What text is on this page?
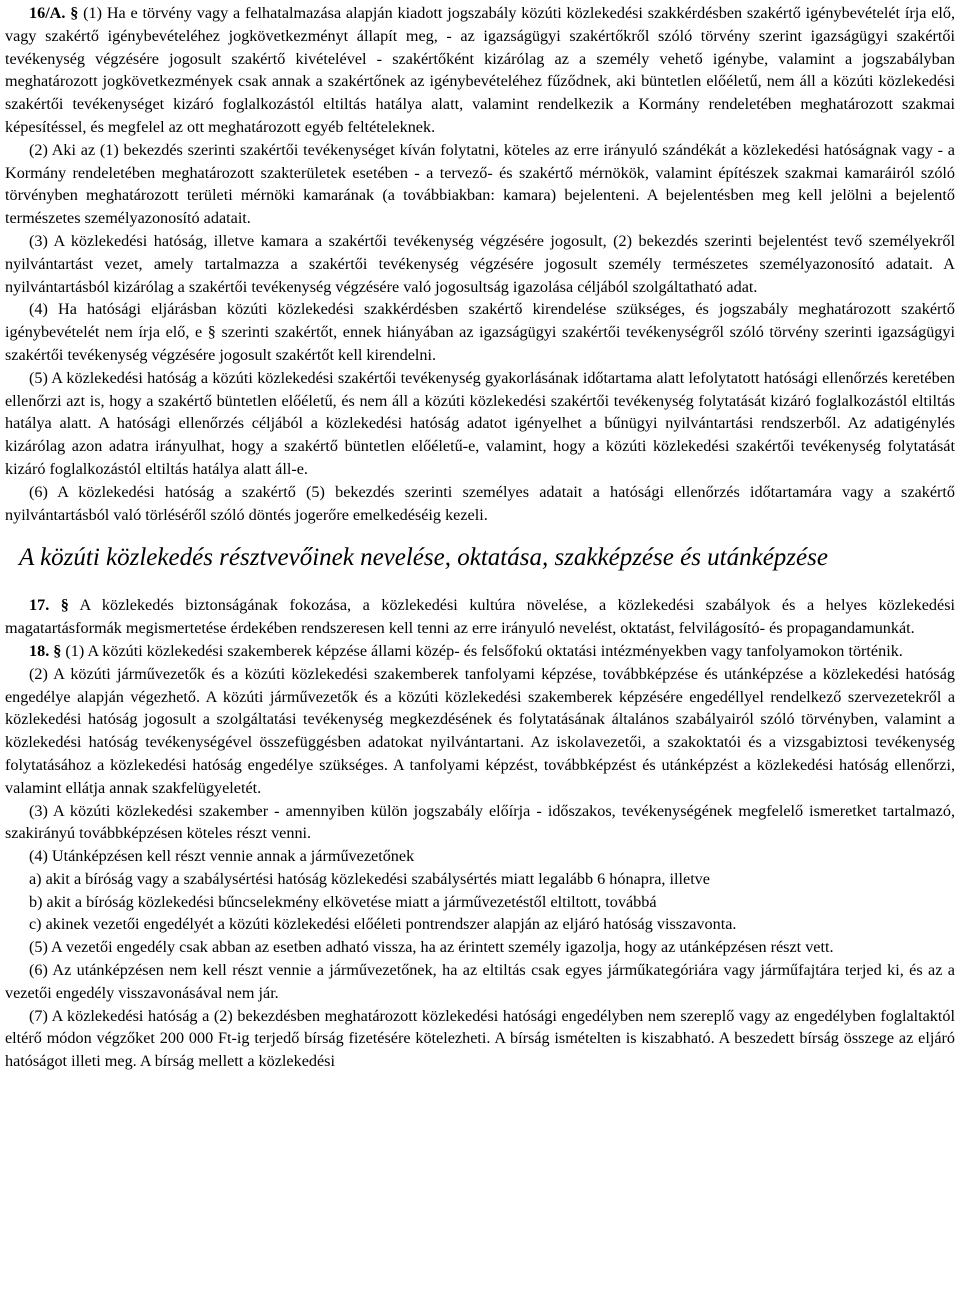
16/A. § (1) Ha e törvény vagy a felhatalmazása alapján kiadott jogszabály közúti közlekedési szakkérdésben szakértő igénybevételét írja elő, vagy szakértő igénybevételéhez jogkövetkezményt állapít meg, - az igazságügyi szakértőkről szóló törvény szerint igazságügyi szakértői tevékenység végzésére jogosult szakértő kivételével - szakértőként kizárólag az a személy vehető igénybe, valamint a jogszabályban meghatározott jogkövetkezmények csak annak a szakértőnek az igénybevételéhez fűződnek, aki büntetlen előéletű, nem áll a közúti közlekedési szakértői tevékenységet kizáró foglalkozástól eltiltás hatálya alatt, valamint rendelkezik a Kormány rendeletében meghatározott szakmai képesítéssel, és megfelel az ott meghatározott egyéb feltételeknek.

(2) Aki az (1) bekezdés szerinti szakértői tevékenységet kíván folytatni, köteles az erre irányuló szándékát a közlekedési hatóságnak vagy - a Kormány rendeletében meghatározott szakterületek esetében - a tervező- és szakértő mérnökök, valamint építészek szakmai kamaráiról szóló törvényben meghatározott területi mérnöki kamarának (a továbbiakban: kamara) bejelenteni. A bejelentésben meg kell jelölni a bejelentő természetes személyazonosító adatait.

(3) A közlekedési hatóság, illetve kamara a szakértői tevékenység végzésére jogosult, (2) bekezdés szerinti bejelentést tevő személyekről nyilvántartást vezet, amely tartalmazza a szakértői tevékenység végzésére jogosult személy természetes személyazonosító adatait. A nyilvántartásból kizárólag a szakértői tevékenység végzésére való jogosultság igazolása céljából szolgáltatható adat.

(4) Ha hatósági eljárásban közúti közlekedési szakkérdésben szakértő kirendelése szükséges, és jogszabály meghatározott szakértő igénybevételét nem írja elő, e § szerinti szakértőt, ennek hiányában az igazságügyi szakértői tevékenységről szóló törvény szerinti igazságügyi szakértői tevékenység végzésére jogosult szakértőt kell kirendelni.

(5) A közlekedési hatóság a közúti közlekedési szakértői tevékenység gyakorlásának időtartama alatt lefolytatott hatósági ellenőrzés keretében ellenőrzi azt is, hogy a szakértő büntetlen előéletű, és nem áll a közúti közlekedési szakértői tevékenység folytatását kizáró foglalkozástól eltiltás hatálya alatt. A hatósági ellenőrzés céljából a közlekedési hatóság adatot igényelhet a bűnügyi nyilvántartási rendszerből. Az adatigénylés kizárólag azon adatra irányulhat, hogy a szakértő büntetlen előéletű-e, valamint, hogy a közúti közlekedési szakértői tevékenység folytatását kizáró foglalkozástól eltiltás hatálya alatt áll-e.

(6) A közlekedési hatóság a szakértő (5) bekezdés szerinti személyes adatait a hatósági ellenőrzés időtartamára vagy a szakértő nyilvántartásból való törléséről szóló döntés jogerőre emelkedéséig kezeli.

A közúti közlekedés résztvevőinek nevelése, oktatása, szakképzése és utánképzése

17. § A közlekedés biztonságának fokozása, a közlekedési kultúra növelése, a közlekedési szabályok és a helyes közlekedési magatartásformák megismertetése érdekében rendszeresen kell tenni az erre irányuló nevelést, oktatást, felvilágosító- és propagandamunkát.

18. § (1) A közúti közlekedési szakemberek képzése állami közép- és felsőfokú oktatási intézményekben vagy tanfolyamokon történik.

(2) A közúti járművezetők és a közúti közlekedési szakemberek tanfolyami képzése, továbbképzése és utánképzése a közlekedési hatóság engedélye alapján végezhető. A közúti járművezetők és a közúti közlekedési szakemberek képzésére engedéllyel rendelkező szervezetekről a közlekedési hatóság jogosult a szolgáltatási tevékenység megkezdésének és folytatásának általános szabályairól szóló törvényben, valamint a közlekedési hatóság tevékenységével összefüggésben adatokat nyilvántartani. Az iskolavezetői, a szakoktatói és a vizsgabiztosi tevékenység folytatásához a közlekedési hatóság engedélye szükséges. A tanfolyami képzést, továbbképzést és utánképzést a közlekedési hatóság ellenőrzi, valamint ellátja annak szakfelügyeletét.

(3) A közúti közlekedési szakember - amennyiben külön jogszabály előírja - időszakos, tevékenységének megfelelő ismeretket tartalmazó, szakirányú továbbképzésen köteles részt venni.

(4) Utánképzésen kell részt vennie annak a járművezetőnek

a) akit a bíróság vagy a szabálysértési hatóság közlekedési szabálysértés miatt legalább 6 hónapra, illetve

b) akit a bíróság közlekedési bűncselekmény elkövetése miatt a járművezetéstől eltiltott, továbbá

c) akinek vezetői engedélyét a közúti közlekedési előéleti pontrendszer alapján az eljáró hatóság visszavonta.

(5) A vezetői engedély csak abban az esetben adható vissza, ha az érintett személy igazolja, hogy az utánképzésen részt vett.

(6) Az utánképzésen nem kell részt vennie a járművezetőnek, ha az eltiltás csak egyes járműkategóriára vagy járműfajtára terjed ki, és az a vezetői engedély visszavonásával nem jár.

(7) A közlekedési hatóság a (2) bekezdésben meghatározott közlekedési hatósági engedélyben nem szereplő vagy az engedélyben foglaltaktól eltérő módon végzőket 200 000 Ft-ig terjedő bírság fizetésére kötelezheti. A bírság ismételten is kiszabható. A beszedett bírság összege az eljáró hatóságot illeti meg. A bírság mellett a közlekedési
